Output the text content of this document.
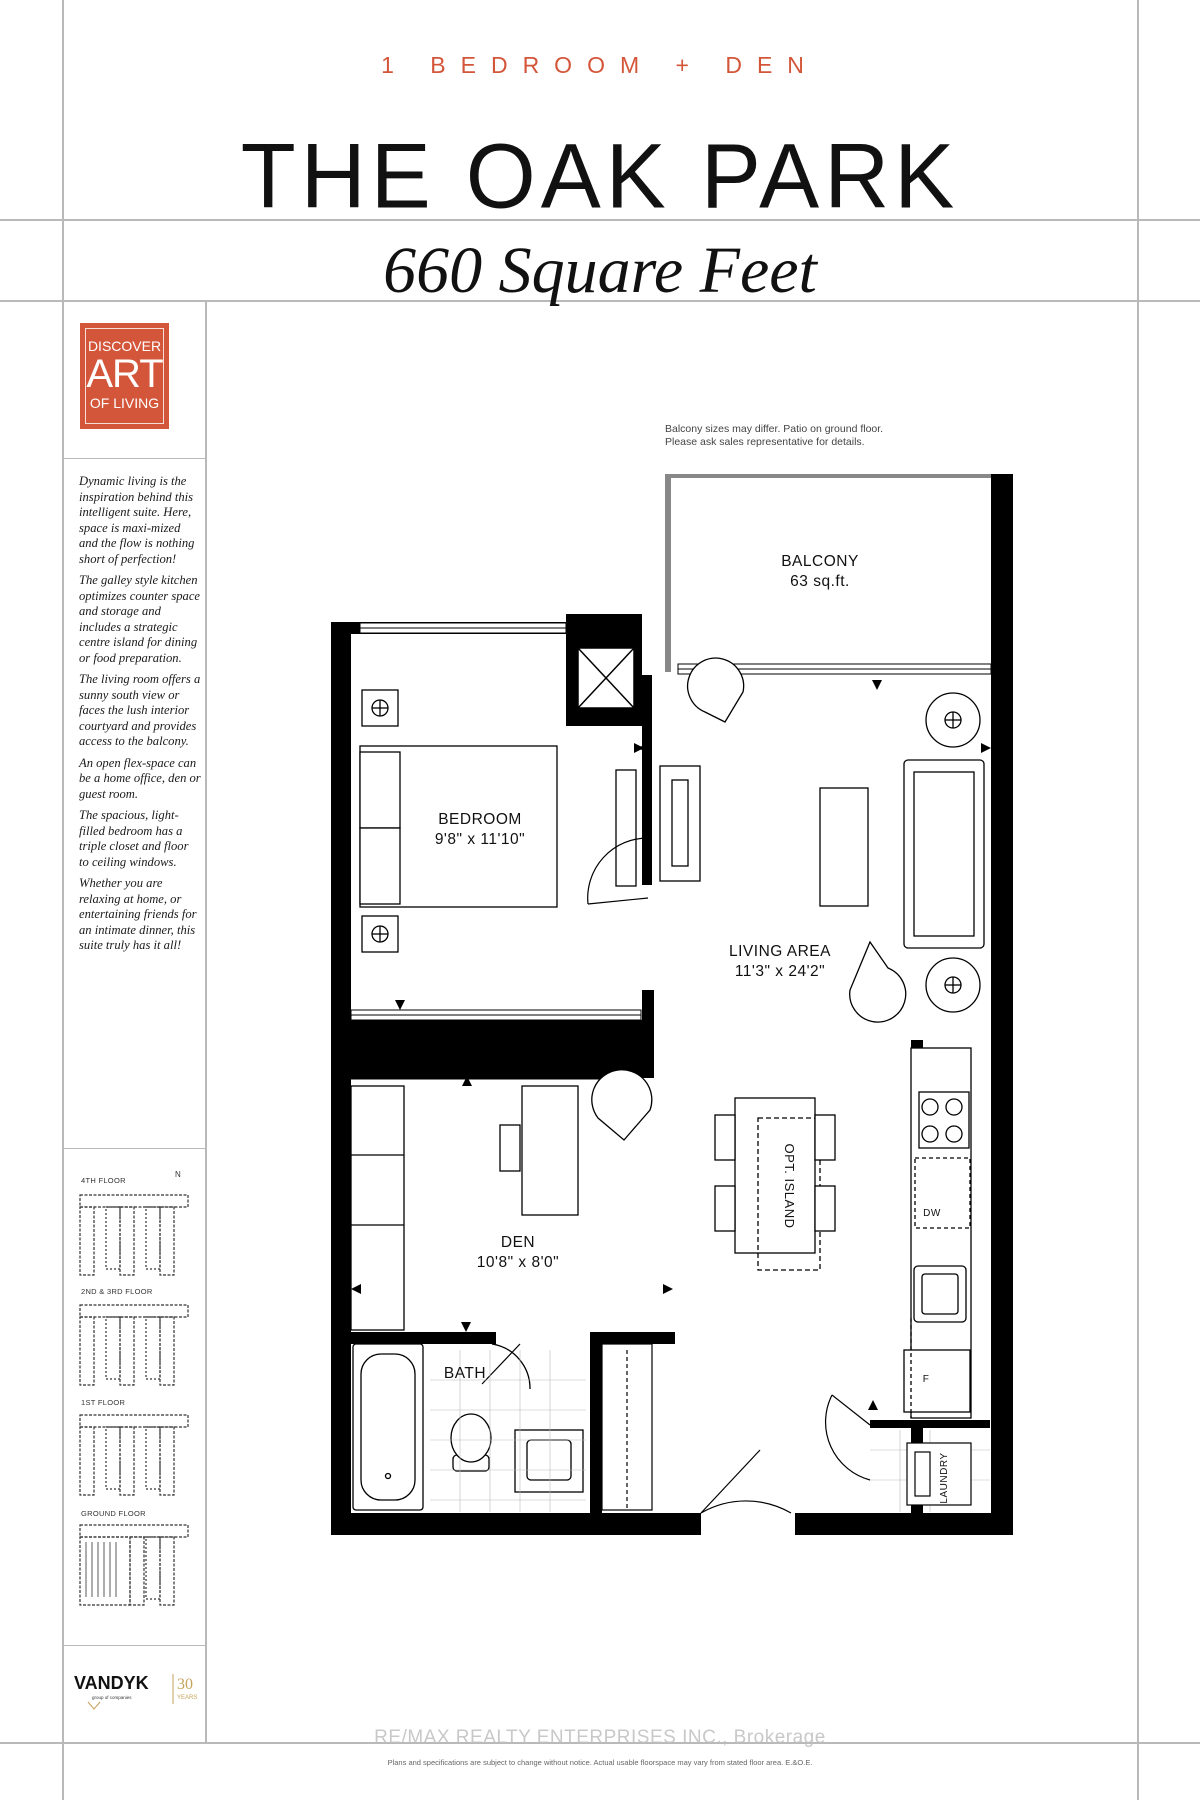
1 BEDROOM + DEN
THE OAK PARK
660 Square Feet
DISCOVER
ART
OF LIVING

Dynamic living is the inspiration behind this intelligent suite. Here, space is maxi-mized and the flow is nothing short of perfection!

The galley style kitchen optimizes counter space and storage and includes a strategic centre island for dining or food preparation.

The living room offers a sunny south view or faces the lush interior courtyard and provides access to the balcony.

An open flex-space can be a home office, den or guest room.

The spacious, light-filled bedroom has a triple closet and floor to ceiling windows.

Whether you are relaxing at home, or entertaining friends for an intimate dinner, this suite truly has it all!

4TH FLOOR
N
2ND & 3RD FLOOR
1ST FLOOR
GROUND FLOOR
VANDYK
group of companies
30
YEARS
Balcony sizes may differ. Patio on ground floor.
Please ask sales representative for details.
BALCONY
63 sq.ft.
BEDROOM
9'8" x 11'10"
LIVING AREA
11'3" x 24'2"
DEN
10'8" x 8'0"
BATH
OPT. ISLAND	DW
F
LAUNDRY
RE/MAX REALTY ENTERPRISES INC., Brokerage
Plans and specifications are subject to change without notice. Actual usable floorspace may vary from stated floor area. E.&O.E.
